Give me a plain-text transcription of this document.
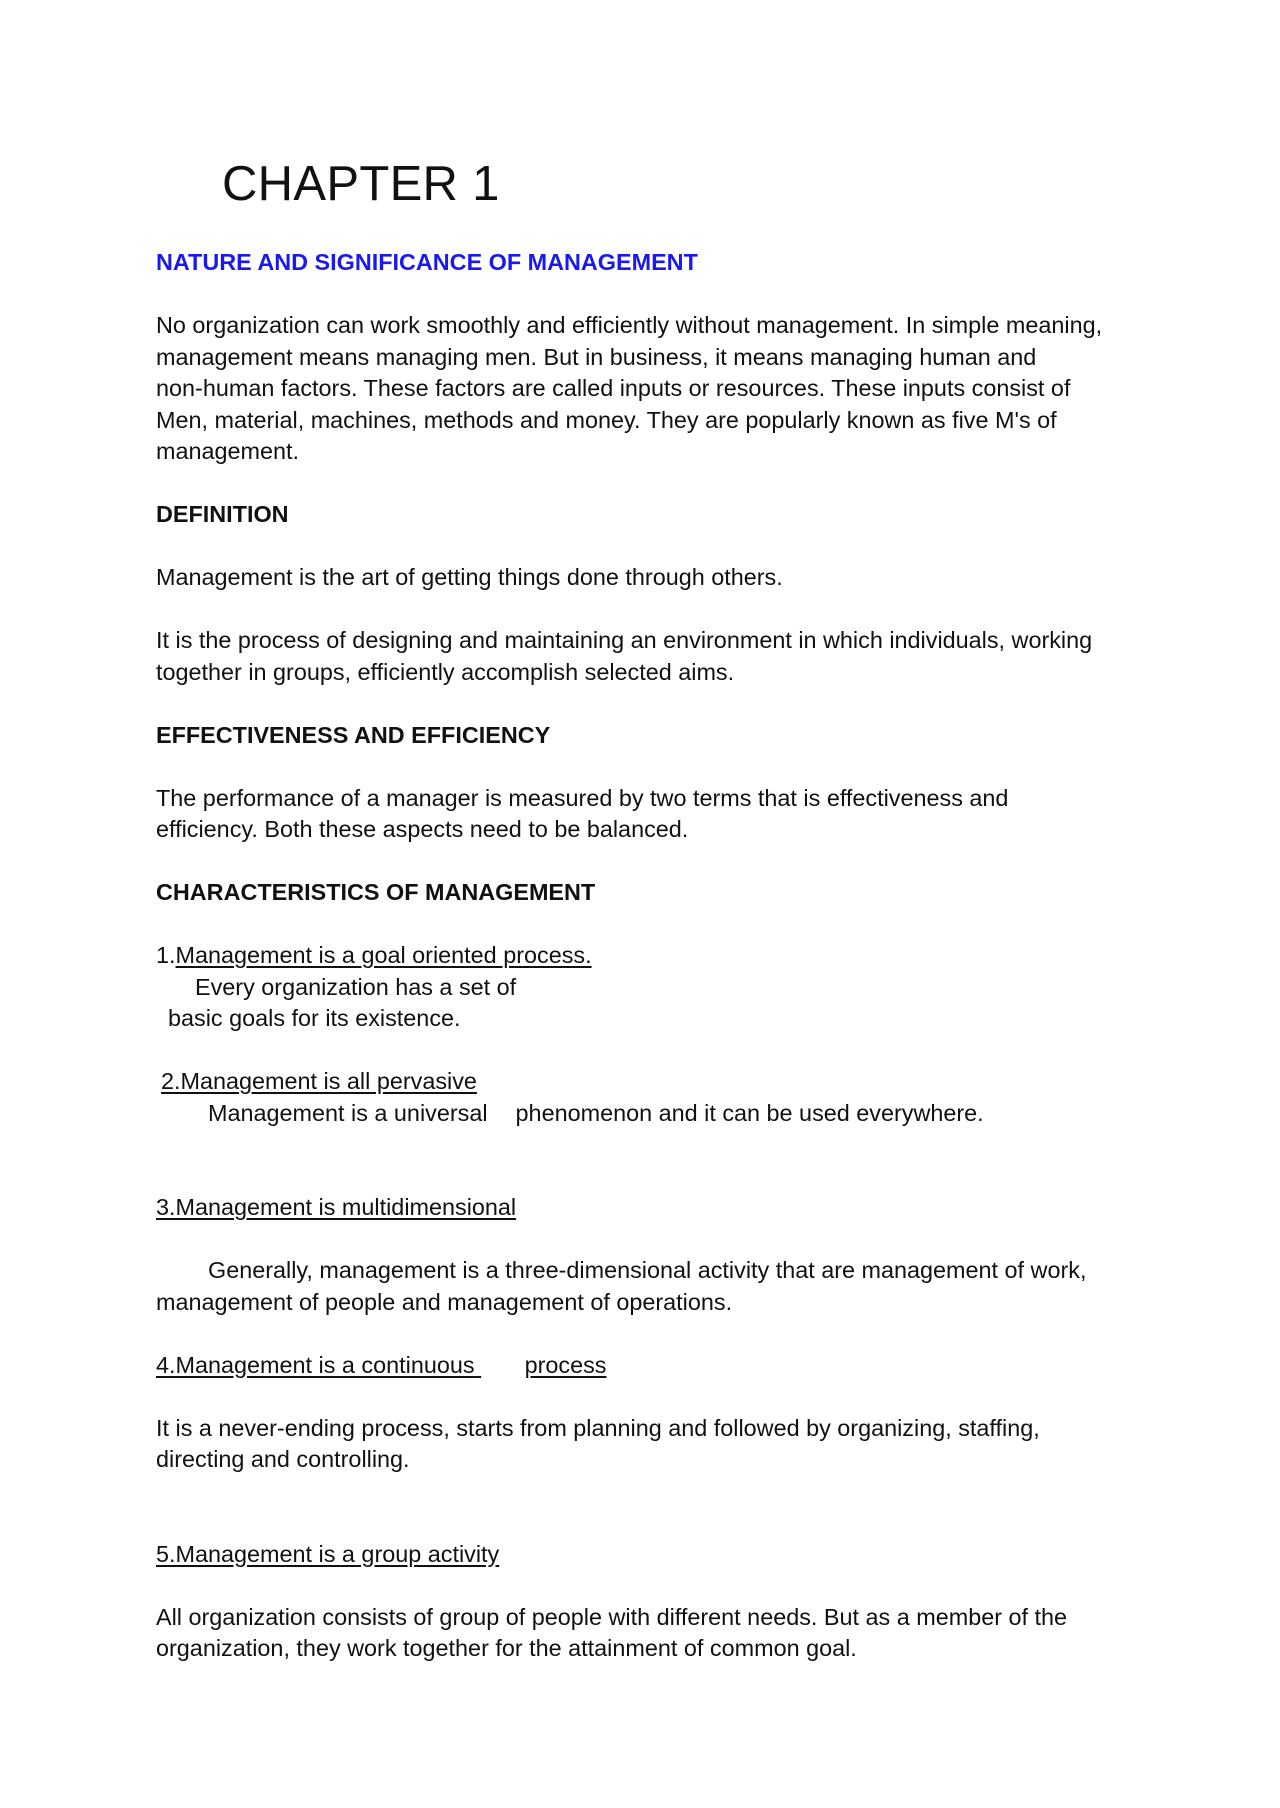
CHAPTER 1
NATURE AND SIGNIFICANCE OF MANAGEMENT
No organization can work smoothly and efficiently without management. In simple meaning,
management means managing men. But in business, it means managing human and
non-human factors. These factors are called inputs or resources. These inputs consist of
Men, material, machines, methods and money. They are popularly known as five M's of
management.
DEFINITION
Management is the art of getting things done through others.
It is the process of designing and maintaining an environment in which individuals, working
together in groups, efficiently accomplish selected aims.
EFFECTIVENESS AND EFFICIENCY
The performance of a manager is measured by two terms that is effectiveness and
efficiency. Both these aspects need to be balanced.
CHARACTERISTICS OF MANAGEMENT
1.Management is a goal oriented process.
Every organization has a set of
basic goals for its existence.
2.Management is all pervasive
Management is a universal phenomenon and it can be used everywhere.
3.Management is multidimensional
Generally, management is a three-dimensional activity that are management of work,
management of people and management of operations.
4.Management is a continuous process
It is a never-ending process, starts from planning and followed by organizing, staffing,
directing and controlling.
5.Management is a group activity
All organization consists of group of people with different needs. But as a member of the
organization, they work together for the attainment of common goal.
